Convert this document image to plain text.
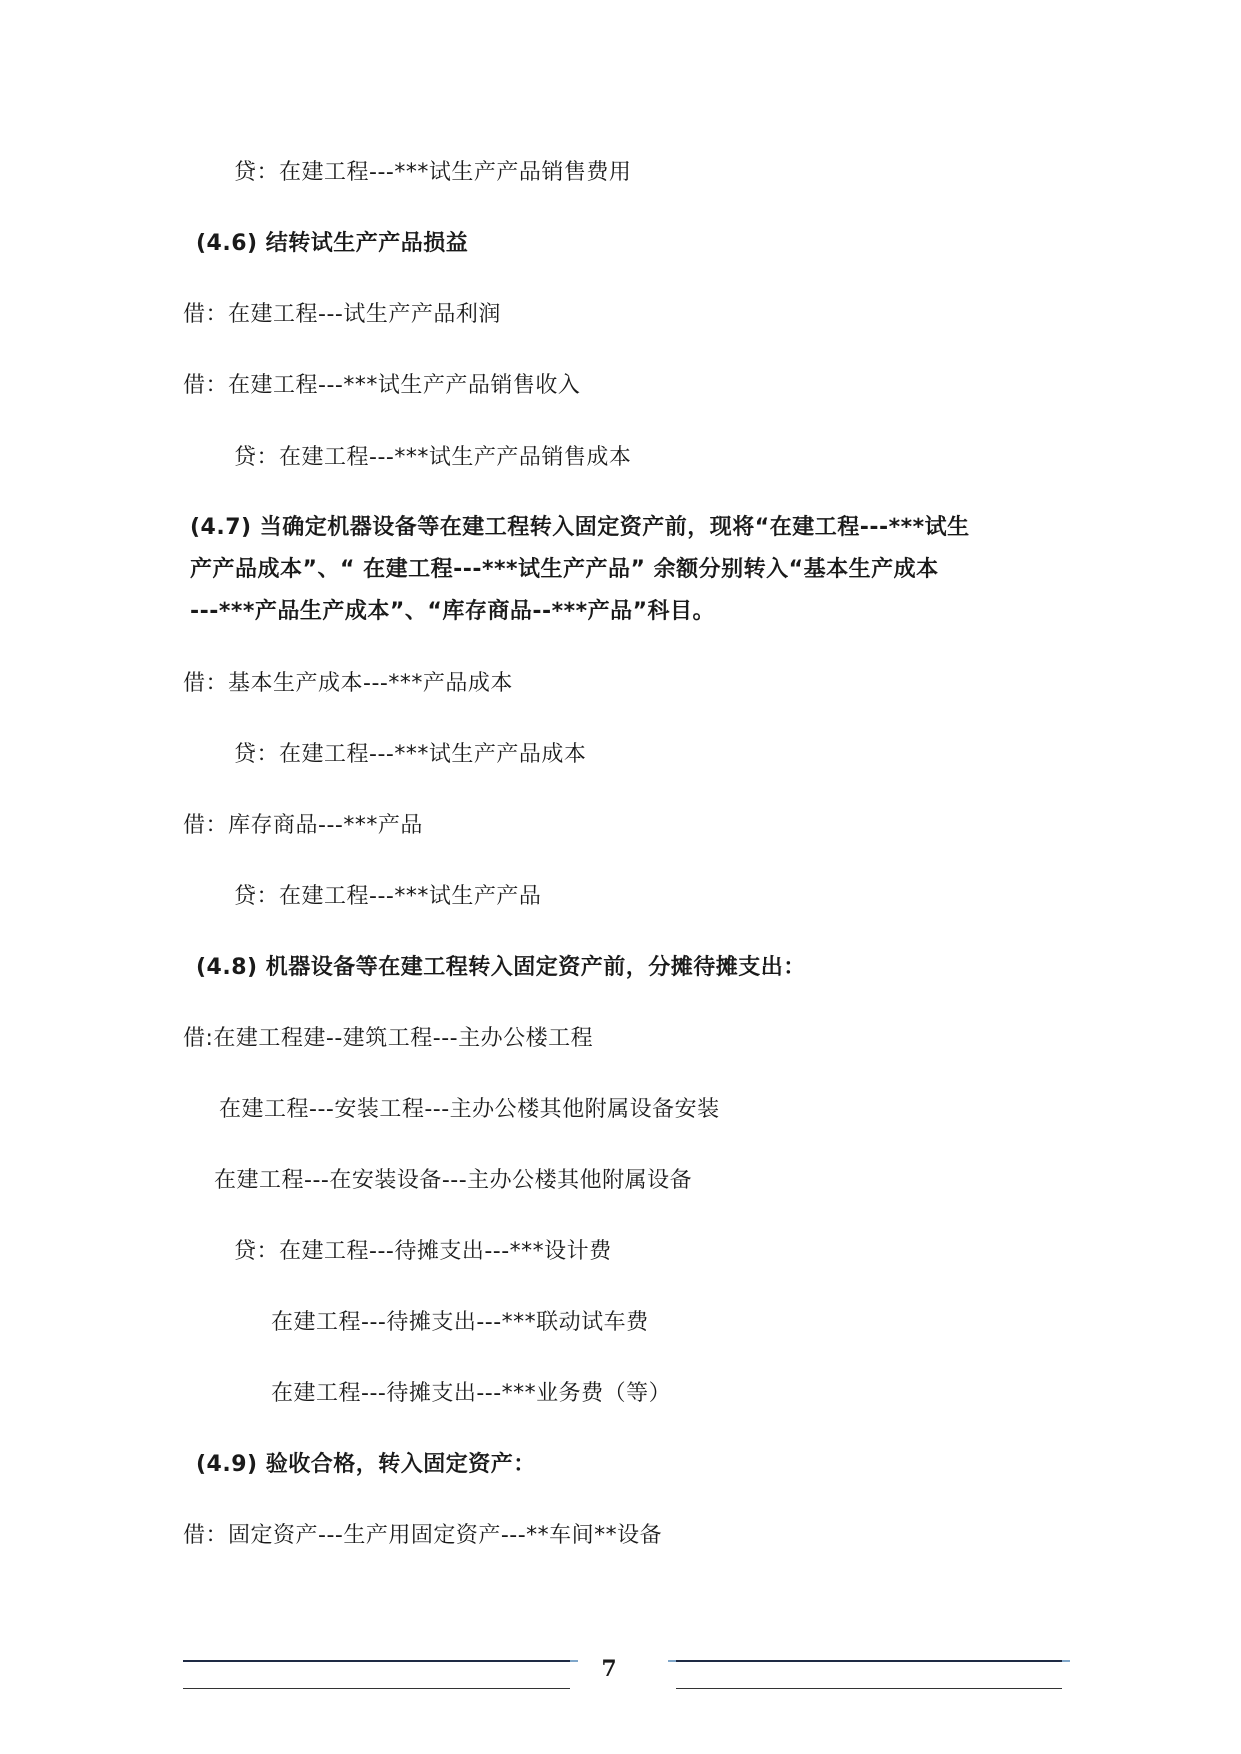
贷：在建工程---***试生产产品销售费用
(4.6) 结转试生产产品损益
借：在建工程---试生产产品利润
借：在建工程---***试生产产品销售收入
贷：在建工程---***试生产产品销售成本
(4.7) 当确定机器设备等在建工程转入固定资产前，现将“在建工程---***试生
产产品成本”、“ 在建工程---***试生产产品” 余额分别转入“基本生产成本
---***产品生产成本”、“库存商品--***产品”科目。
借：基本生产成本---***产品成本
贷：在建工程---***试生产产品成本
借：库存商品---***产品
贷：在建工程---***试生产产品
(4.8) 机器设备等在建工程转入固定资产前，分摊待摊支出：
借:在建工程建--建筑工程---主办公楼工程
在建工程---安装工程---主办公楼其他附属设备安装
在建工程---在安装设备---主办公楼其他附属设备
贷：在建工程---待摊支出---***设计费
在建工程---待摊支出---***联动试车费
在建工程---待摊支出---***业务费（等）
(4.9) 验收合格，转入固定资产：
借：固定资产---生产用固定资产---**车间**设备
7
